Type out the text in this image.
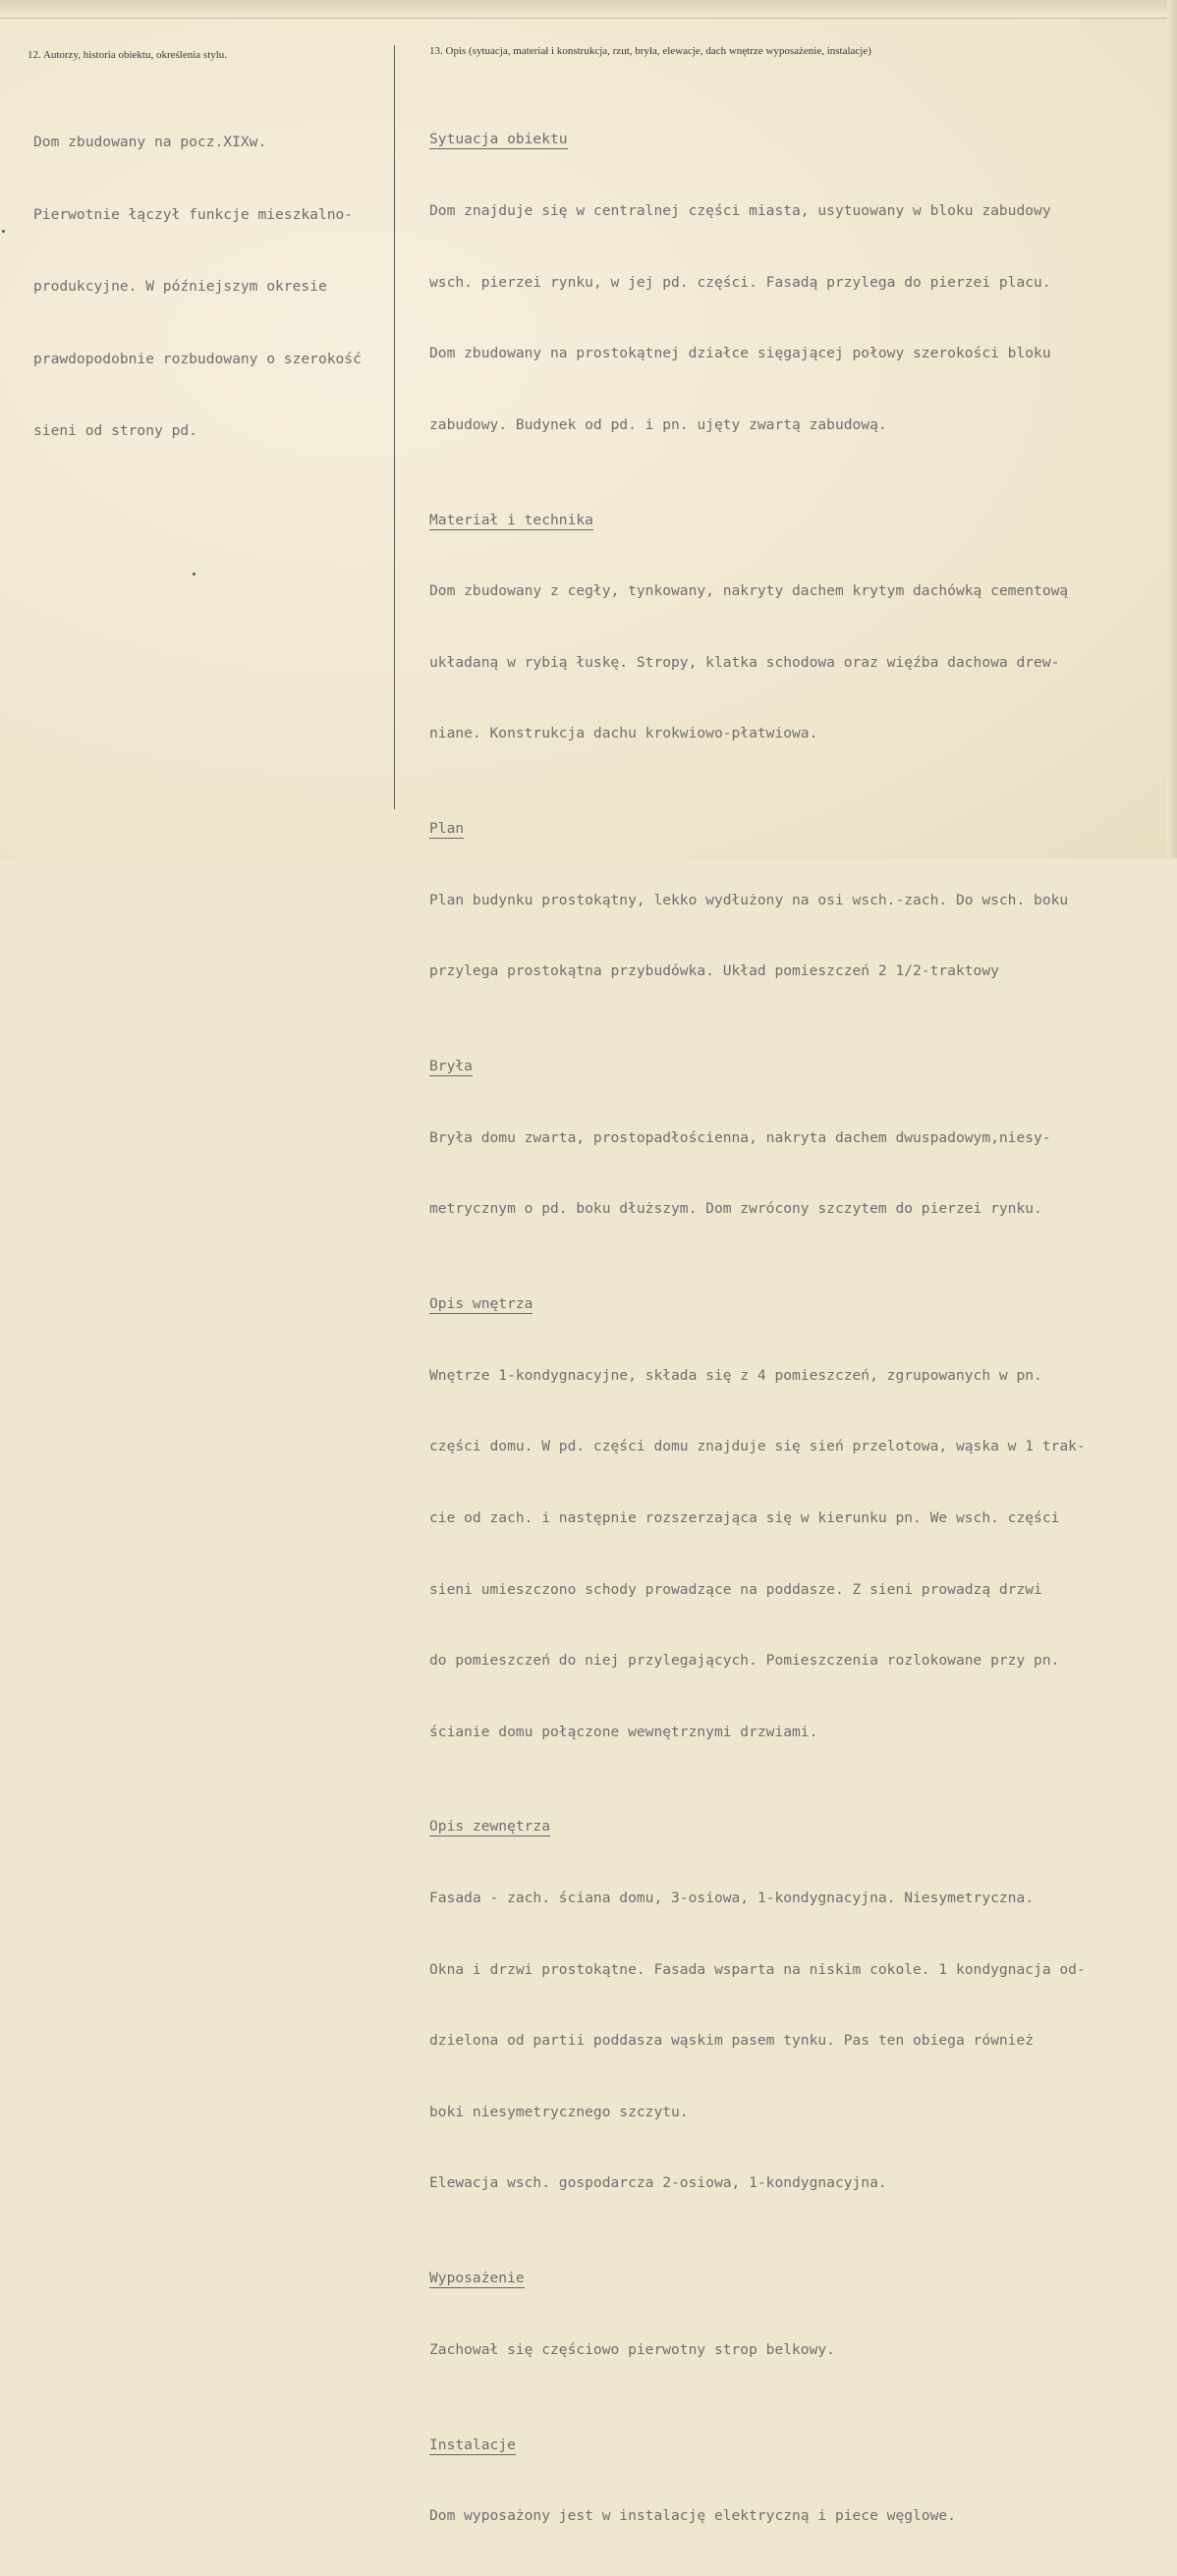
12. Autorzy, historia obiektu, określenia stylu.	13. Opis (sytuacja, materiał i konstrukcja, rzut, bryła, elewacje, dach wnętrze wyposażenie, instalacje)

Dom zbudowany na pocz.XIXw.

Pierwotnie łączył funkcje mieszkalno-

produkcyjne. W późniejszym okresie

prawdopodobnie rozbudowany o szerokość

sieni od strony pd.

Sytuacja obiektu

Dom znajduje się w centralnej części miasta, usytuowany w bloku zabudowy

wsch. pierzei rynku, w jej pd. części. Fasadą przylega do pierzei placu.

Dom zbudowany na prostokątnej działce sięgającej połowy szerokości bloku

zabudowy. Budynek od pd. i pn. ujęty zwartą zabudową.

Materiał i technika

Dom zbudowany z cegły, tynkowany, nakryty dachem krytym dachówką cementową

układaną w rybią łuskę. Stropy, klatka schodowa oraz więźba dachowa drew-

niane. Konstrukcja dachu krokwiowo-płatwiowa.

Plan

Plan budynku prostokątny, lekko wydłużony na osi wsch.-zach. Do wsch. boku

przylega prostokątna przybudówka. Układ pomieszczeń 2 1/2-traktowy

Bryła

Bryła domu zwarta, prostopadłościenna, nakryta dachem dwuspadowym,niesy-

metrycznym o pd. boku dłuższym. Dom zwrócony szczytem do pierzei rynku.

Opis wnętrza

Wnętrze 1-kondygnacyjne, składa się z 4 pomieszczeń, zgrupowanych w pn.

części domu. W pd. części domu znajduje się sień przelotowa, wąska w 1 trak-

cie od zach. i następnie rozszerzająca się w kierunku pn. We wsch. części

sieni umieszczono schody prowadzące na poddasze. Z sieni prowadzą drzwi

do pomieszczeń do niej przylegających. Pomieszczenia rozlokowane przy pn.

ścianie domu połączone wewnętrznymi drzwiami.

Opis zewnętrza

Fasada - zach. ściana domu, 3-osiowa, 1-kondygnacyjna. Niesymetryczna.

Okna i drzwi prostokątne. Fasada wsparta na niskim cokole. 1 kondygnacja od-

dzielona od partii poddasza wąskim pasem tynku. Pas ten obiega również

boki niesymetrycznego szczytu.

Elewacja wsch. gospodarcza 2-osiowa, 1-kondygnacyjna.

Wyposażenie

Zachował się częściowo pierwotny strop belkowy.

Instalacje

Dom wyposażony jest w instalację elektryczną i piece węglowe.
